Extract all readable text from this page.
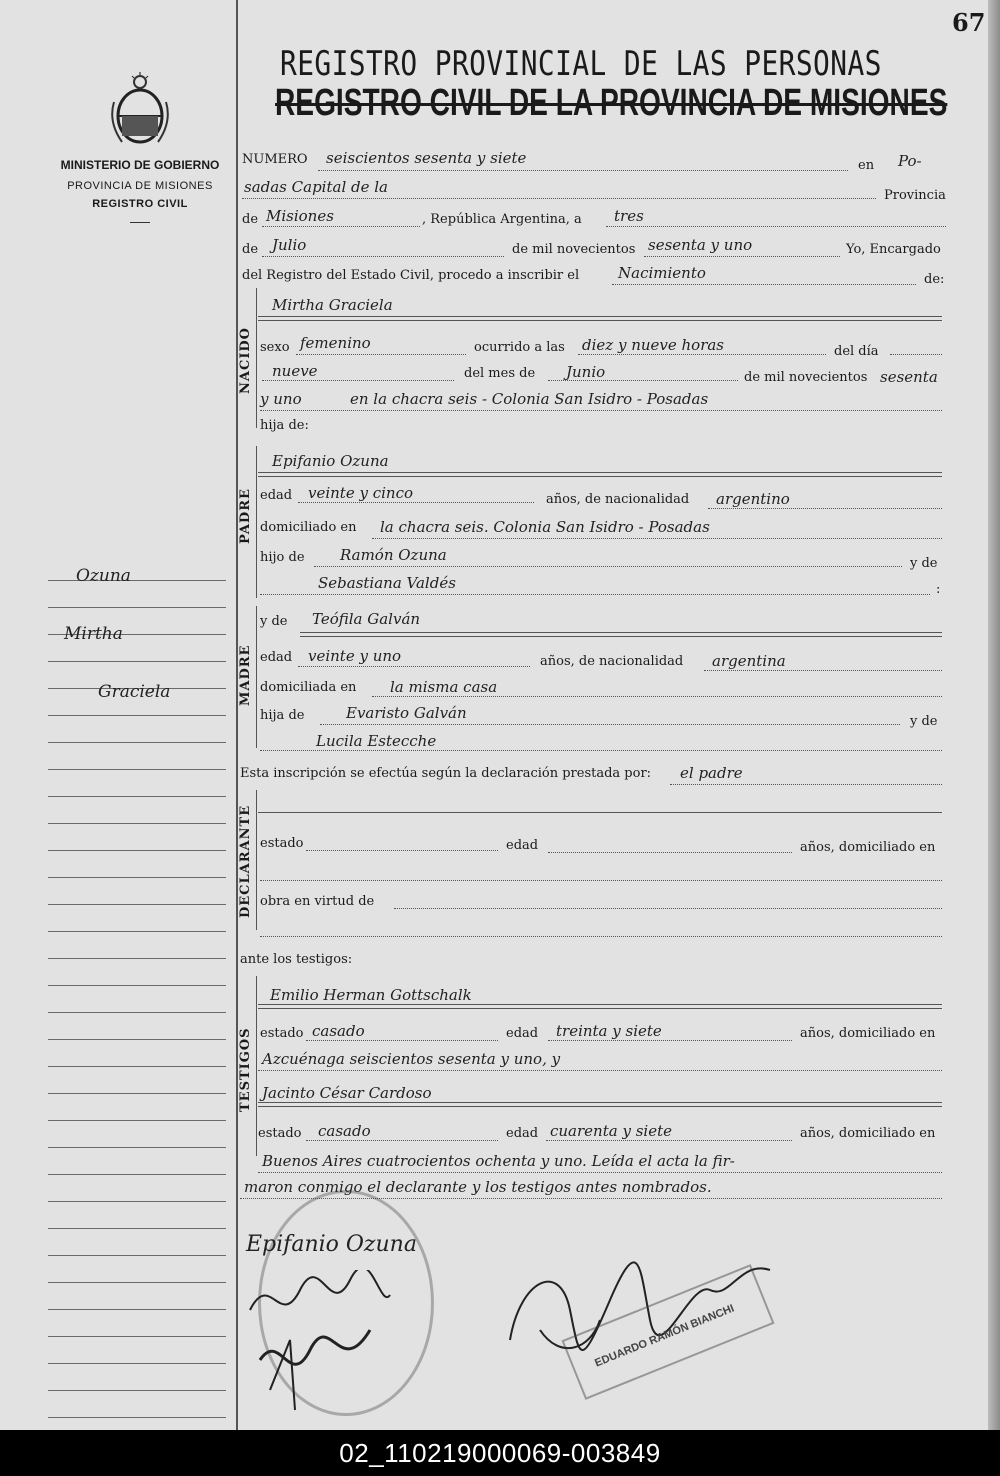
67
MINISTERIO DE GOBIERNO
PROVINCIA DE MISIONES
REGISTRO CIVIL
REGISTRO PROVINCIAL DE LAS PERSONAS
REGISTRO CIVIL DE LA PROVINCIA DE MISIONES
Ozuna
Mirtha
Graciela
NUMERO seiscientos sesenta y siete	en Po-
sadas Capital de la	Provincia
de Misiones	, República Argentina, a tres
de Julio	de mil novecientos sesenta y uno	Yo, Encargado
del Registro del Estado Civil, procedo a inscribir el	Nacimiento	de:
NACIDO
Mirtha Graciela
sexo femenino	ocurrido a las diez y nueve horas	del día
nueve	del mes de Junio	de mil novecientos sesenta
y uno	en la chacra seis - Colonia San Isidro - Posadas
hija de:
PADRE
Epifanio Ozuna
edad veinte y cinco	años, de nacionalidad argentino
domiciliado en la chacra seis. Colonia San Isidro - Posadas
hijo de Ramón Ozuna	y de
Sebastiana Valdés	:
MADRE
y de Teófila Galván
edad veinte y uno	años, de nacionalidad argentina
domiciliada en la misma casa
hija de	Evaristo Galván	y de
Lucila Estecche
Esta inscripción se efectúa según la declaración prestada por: el padre
DECLARANTE estado	edad	años, domiciliado en
obra en virtud de
ante los testigos:
TESTIGOS
Emilio Herman Gottschalk
estado casado	edad treinta y siete	años, domiciliado en
Azcuénaga seiscientos sesenta y uno, y
Jacinto César Cardoso
estado casado	edad cuarenta y siete	años, domiciliado en
Buenos Aires cuatrocientos ochenta y uno. Leída el acta la fir-
maron conmigo el declarante y los testigos antes nombrados.
Epifanio Ozuna
EDUARDO RAMÓN BIANCHI
02_110219000069-003849
